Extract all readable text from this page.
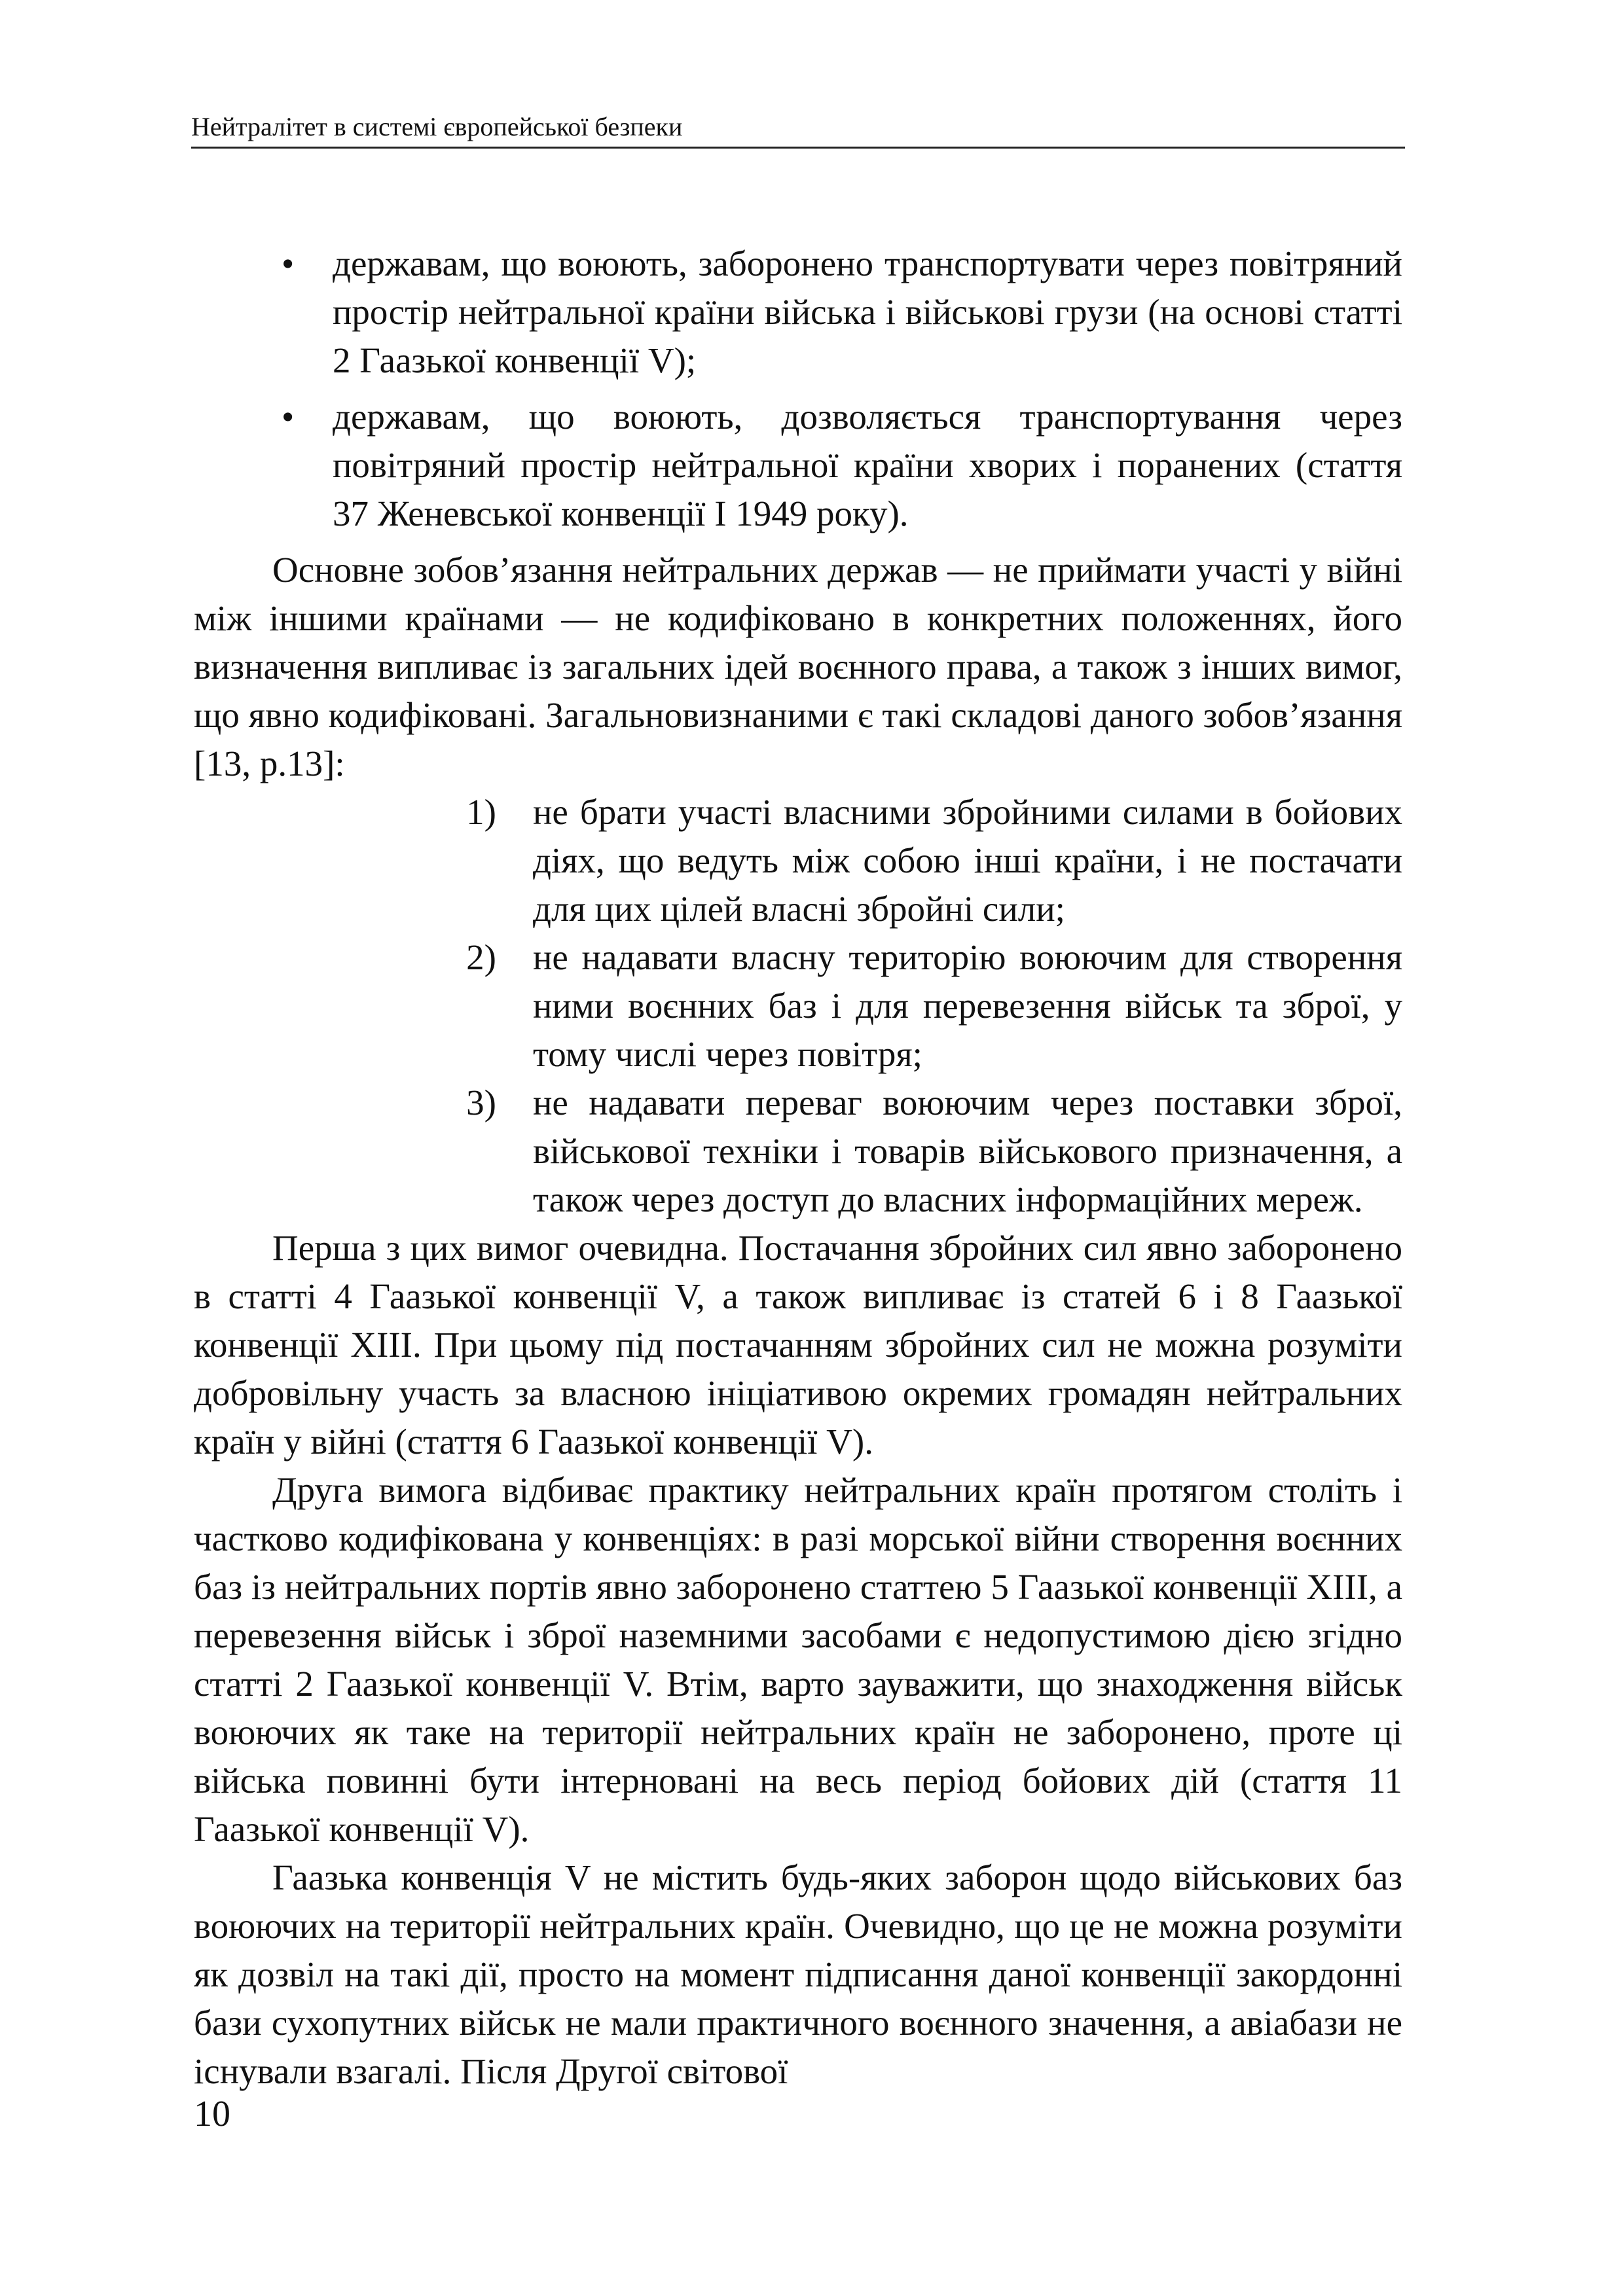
Нейтралітет в системі європейської безпеки
• державам, що воюють, заборонено транспортувати через повітряний простір нейтральної країни війська і військові грузи (на основі статті 2 Гаазької конвенції V);
• державам, що воюють, дозволяється транспортування через повітряний простір нейтральної країни хворих і поранених (стаття 37 Женевської конвенції I 1949 року).

Основне зобов’язання нейтральних держав — не приймати участі у війні між іншими країнами — не кодифіковано в конкретних положеннях, його визначення випливає із загальних ідей воєнного права, а також з інших вимог, що явно кодифіковані. Загальновизнаними є такі складові даного зобов’язання [13, p.13]:

1) не брати участі власними збройними силами в бойових діях, що ведуть між собою інші країни, і не постачати для цих цілей власні збройні сили;
2) не надавати власну територію воюючим для створення ними воєнних баз і для перевезення військ та зброї, у тому числі через повітря;
3) не надавати переваг воюючим через поставки зброї, військової техніки і товарів військового призначення, а також через доступ до власних інформаційних мереж.

Перша з цих вимог очевидна. Постачання збройних сил явно заборонено в статті 4 Гаазької конвенції V, а також випливає із статей 6 і 8 Гаазької конвенції XIII. При цьому під постачанням збройних сил не можна розуміти добровільну участь за власною ініціативою окремих громадян нейтральних країн у війні (стаття 6 Гаазької конвенції V).

Друга вимога відбиває практику нейтральних країн протягом століть і частково кодифікована у конвенціях: в разі морської війни створення воєнних баз із нейтральних портів явно заборонено статтею 5 Гаазької конвенції XIII, а перевезення військ і зброї наземними засобами є недопустимою дією згідно статті 2 Гаазької конвенції V. Втім, варто зауважити, що знаходження військ воюючих як таке на території нейтральних країн не заборонено, проте ці війська повинні бути інтерновані на весь період бойових дій (стаття 11 Гаазької конвенції V).

Гаазька конвенція V не містить будь-яких заборон щодо військових баз воюючих на території нейтральних країн. Очевидно, що це не можна розуміти як дозвіл на такі дії, просто на момент підписання даної конвенції закордонні бази сухопутних військ не мали практичного воєнного значення, а авіабази не існували взагалі. Після Другої світової

10
